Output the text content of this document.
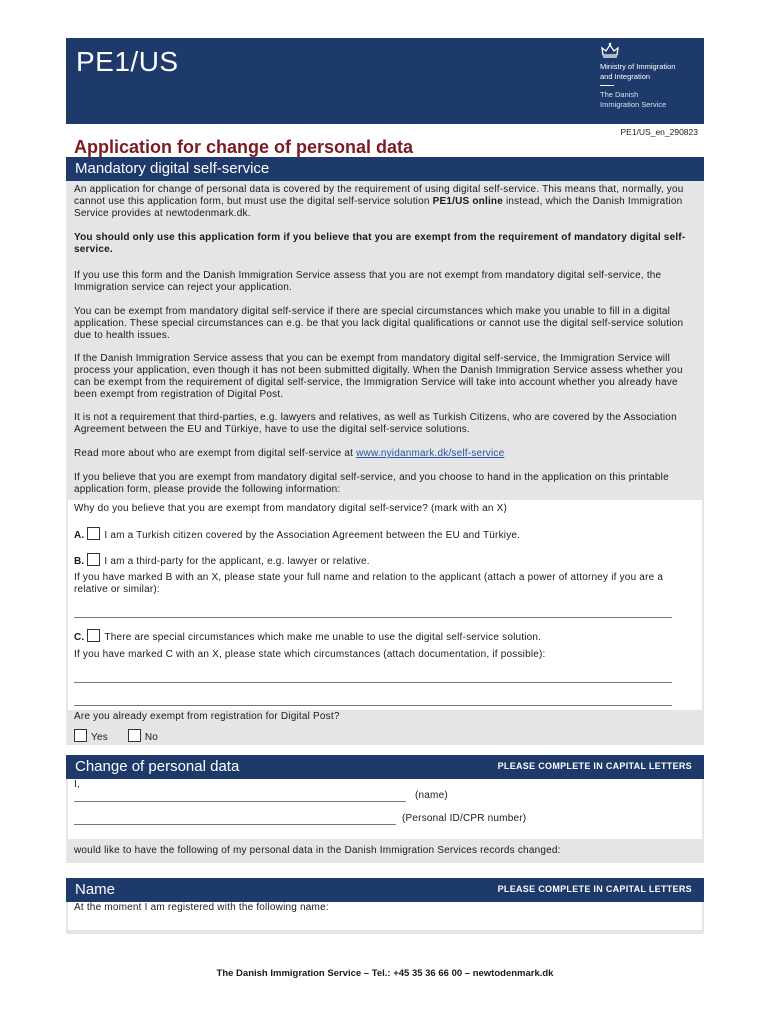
PE1/US	Ministry of Immigration
and Integration
The Danish
Immigration Service
PE1/US_en_290823
Application for change of personal data
Mandatory digital self-service
An application for change of personal data is covered by the requirement of using digital self-service. This means that, normally, you cannot use this application form, but must use the digital self-service solution PE1/US online instead, which the Danish Immigration Service provides at newtodenmark.dk.
You should only use this application form if you believe that you are exempt from the requirement of mandatory digital self-service.
If you use this form and the Danish Immigration Service assess that you are not exempt from mandatory digital self-service, the Immigration service can reject your application.
You can be exempt from mandatory digital self-service if there are special circumstances which make you unable to fill in a digital application. These special circumstances can e.g. be that you lack digital qualifications or cannot use the digital self-service solution due to health issues.
If the Danish Immigration Service assess that you can be exempt from mandatory digital self-service, the Immigration Service will process your application, even though it has not been submitted digitally. When the Danish Immigration Service assess whether you can be exempt from the requirement of digital self-service, the Immigration Service will take into account whether you already have been exempt from registration of Digital Post.
It is not a requirement that third-parties, e.g. lawyers and relatives, as well as Turkish Citizens, who are covered by the Association Agreement between the EU and Türkiye, have to use the digital self-service solutions.
Read more about who are exempt from digital self-service at www.nyidanmark.dk/self-service
If you believe that you are exempt from mandatory digital self-service, and you choose to hand in the application on this printable application form, please provide the following information:
Why do you believe that you are exempt from mandatory digital self-service? (mark with an X)
A. I am a Turkish citizen covered by the Association Agreement between the EU and Türkiye.
B. I am a third-party for the applicant, e.g. lawyer or relative.
If you have marked B with an X, please state your full name and relation to the applicant (attach a power of attorney if you are a relative or similar):
C. There are special circumstances which make me unable to use the digital self-service solution.
If you have marked C with an X, please state which circumstances (attach documentation, if possible):
Are you already exempt from registration for Digital Post?
Yes	No
Change of personal data	PLEASE COMPLETE IN CAPITAL LETTERS
I,
(name)
(Personal ID/CPR number)
would like to have the following of my personal data in the Danish Immigration Services records changed:
Name	PLEASE COMPLETE IN CAPITAL LETTERS
At the moment I am registered with the following name:
The Danish Immigration Service – Tel.: +45 35 36 66 00 – newtodenmark.dk
